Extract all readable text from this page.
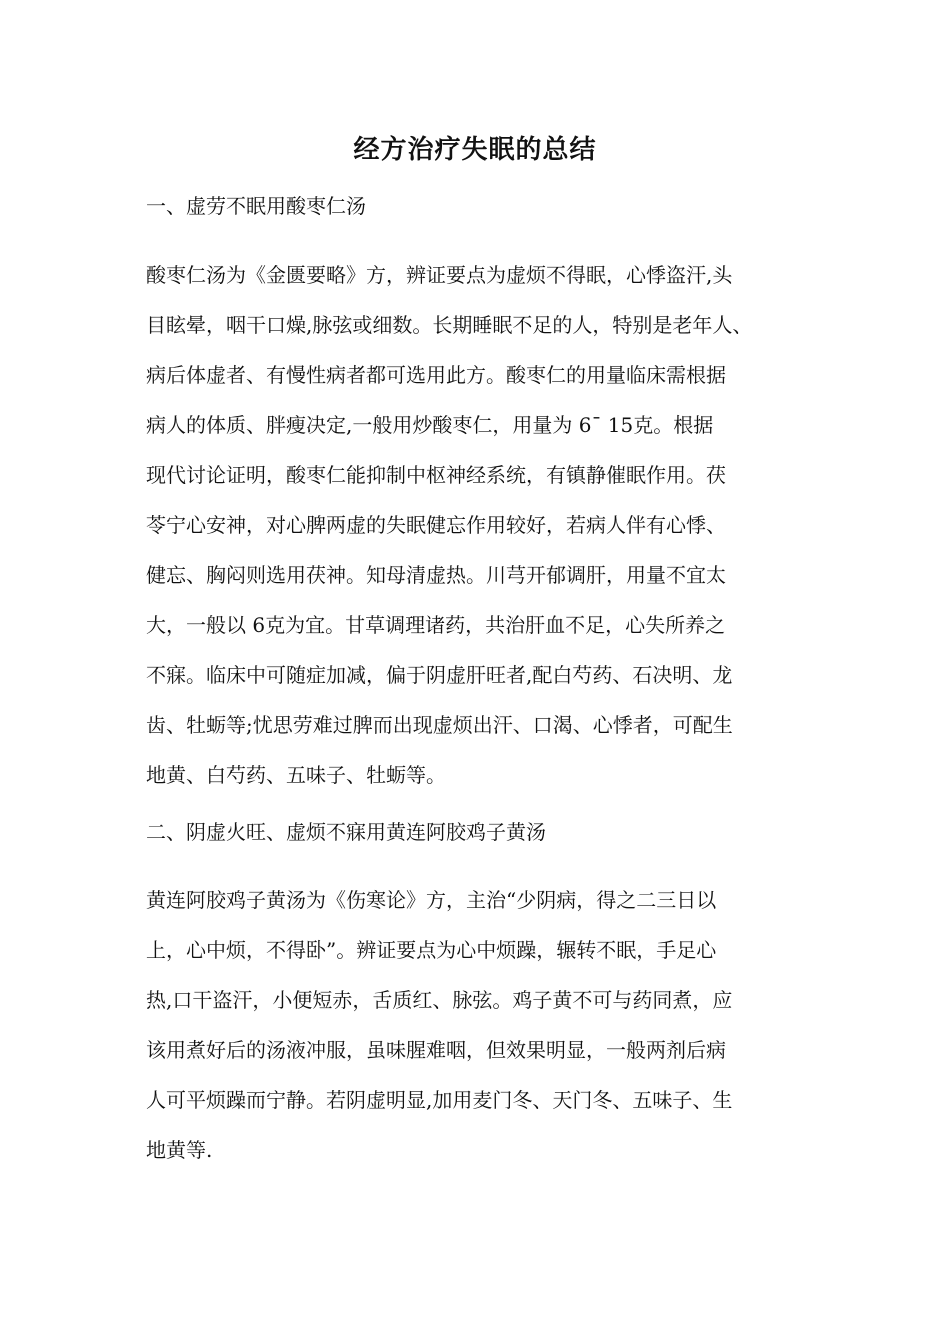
经方治疗失眠的总结
一、虚劳不眠用酸枣仁汤
酸枣仁汤为《金匮要略》方，辨证要点为虚烦不得眠，心悸盗汗,头
目眩晕，咽干口燥,脉弦或细数。长期睡眠不足的人，特别是老年人、
病后体虚者、有慢性病者都可选用此方。酸枣仁的用量临床需根据
病人的体质、胖瘦决定,一般用炒酸枣仁，用量为 6¯ 15克。根据
现代讨论证明，酸枣仁能抑制中枢神经系统，有镇静催眠作用。茯
苓宁心安神，对心脾两虚的失眠健忘作用较好，若病人伴有心悸、
健忘、胸闷则选用茯神。知母清虚热。川芎开郁调肝，用量不宜太
大，一般以 6克为宜。甘草调理诸药，共治肝血不足，心失所养之
不寐。临床中可随症加减，偏于阴虚肝旺者,配白芍药、石决明、龙
齿、牡蛎等;忧思劳难过脾而出现虚烦出汗、口渴、心悸者，可配生
地黄、白芍药、五味子、牡蛎等。
二、阴虚火旺、虚烦不寐用黄连阿胶鸡子黄汤
黄连阿胶鸡子黄汤为《伤寒论》方，主治“少阴病，得之二三日以
上，心中烦，不得卧”。辨证要点为心中烦躁，辗转不眠，手足心
热,口干盗汗，小便短赤，舌质红、脉弦。鸡子黄不可与药同煮，应
该用煮好后的汤液冲服，虽味腥难咽，但效果明显，一般两剂后病
人可平烦躁而宁静。若阴虚明显,加用麦门冬、天门冬、五味子、生
地黄等.
